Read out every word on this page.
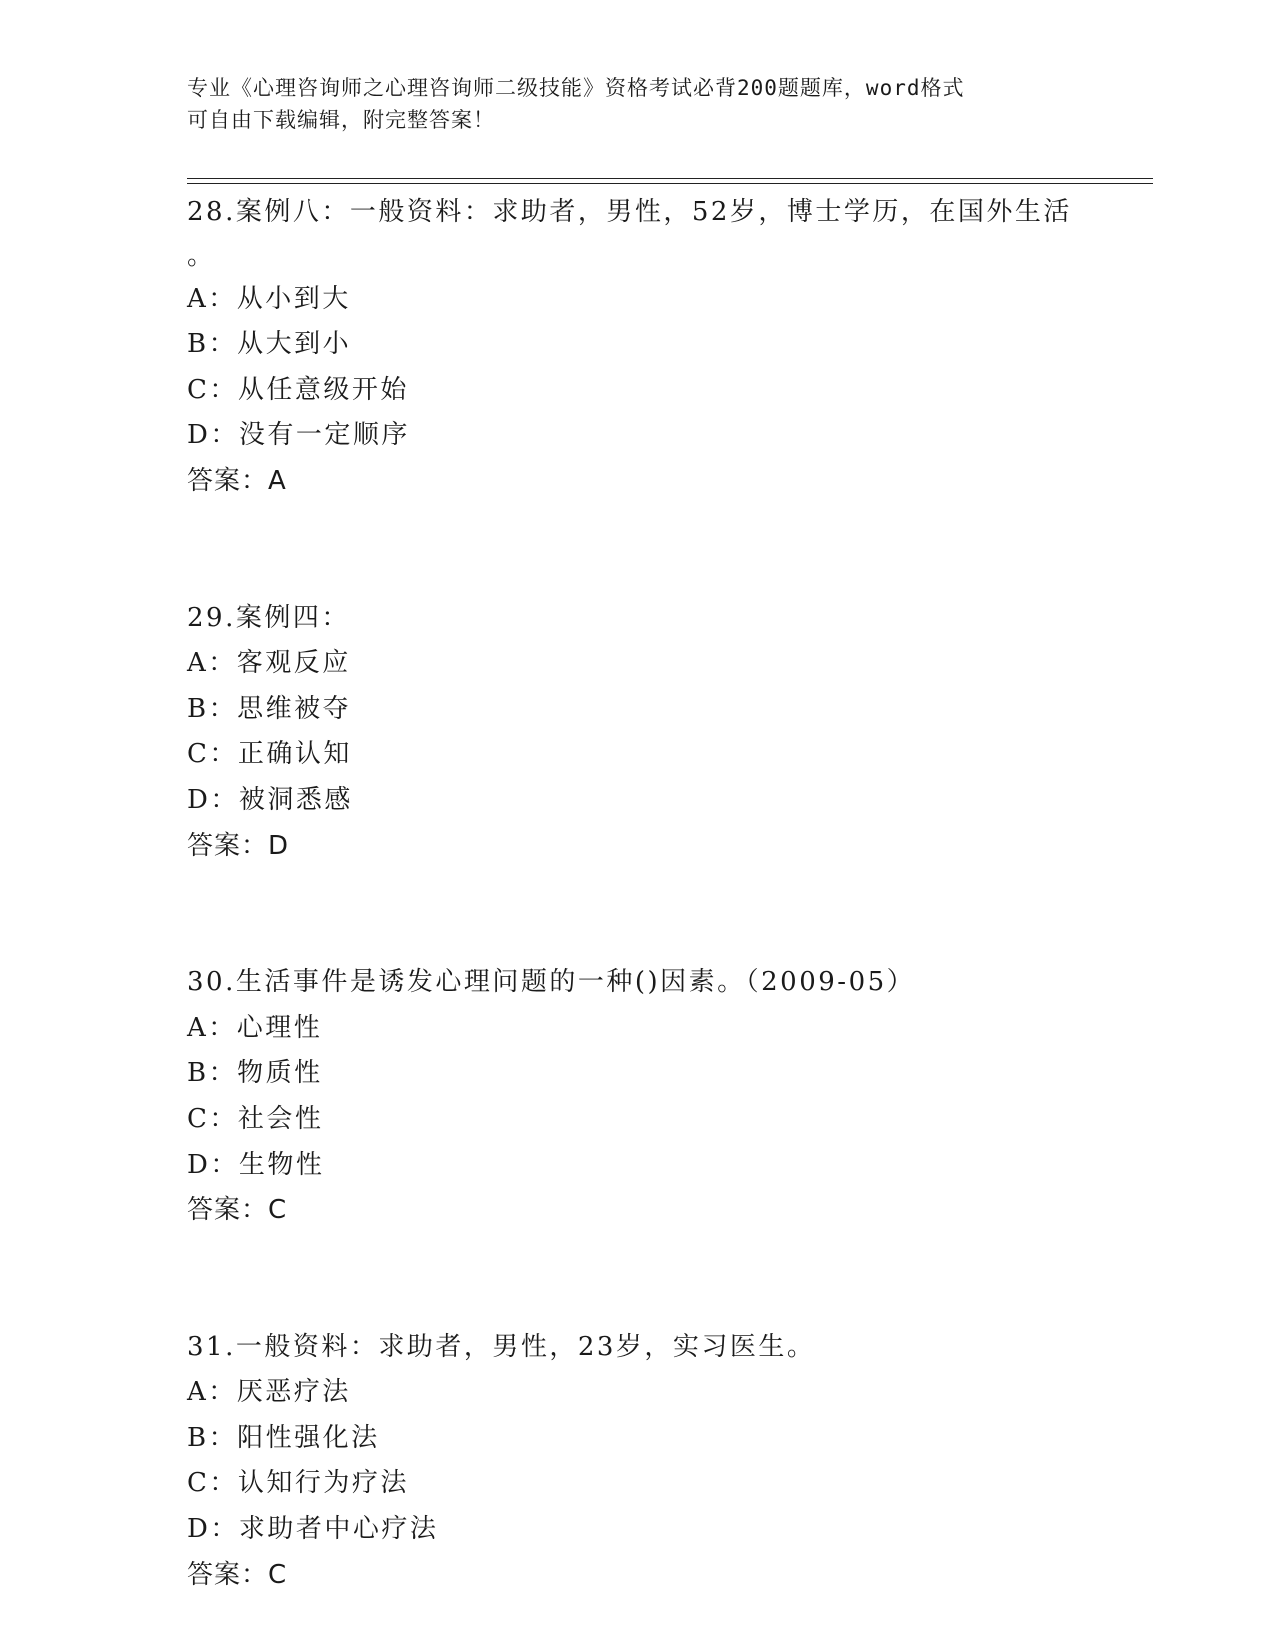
专业《心理咨询师之心理咨询师二级技能》资格考试必背200题题库，word格式
可自由下载编辑，附完整答案！
28.案例八：一般资料：求助者，男性，52岁，博士学历，在国外生活
。
A：从小到大
B：从大到小
C：从任意级开始
D：没有一定顺序
答案：A
29.案例四：
A：客观反应
B：思维被夺
C：正确认知
D：被洞悉感
答案：D
30.生活事件是诱发心理问题的一种()因素。（2009-05）
A：心理性
B：物质性
C：社会性
D：生物性
答案：C
31.一般资料：求助者，男性，23岁，实习医生。
A：厌恶疗法
B：阳性强化法
C：认知行为疗法
D：求助者中心疗法
答案：C
